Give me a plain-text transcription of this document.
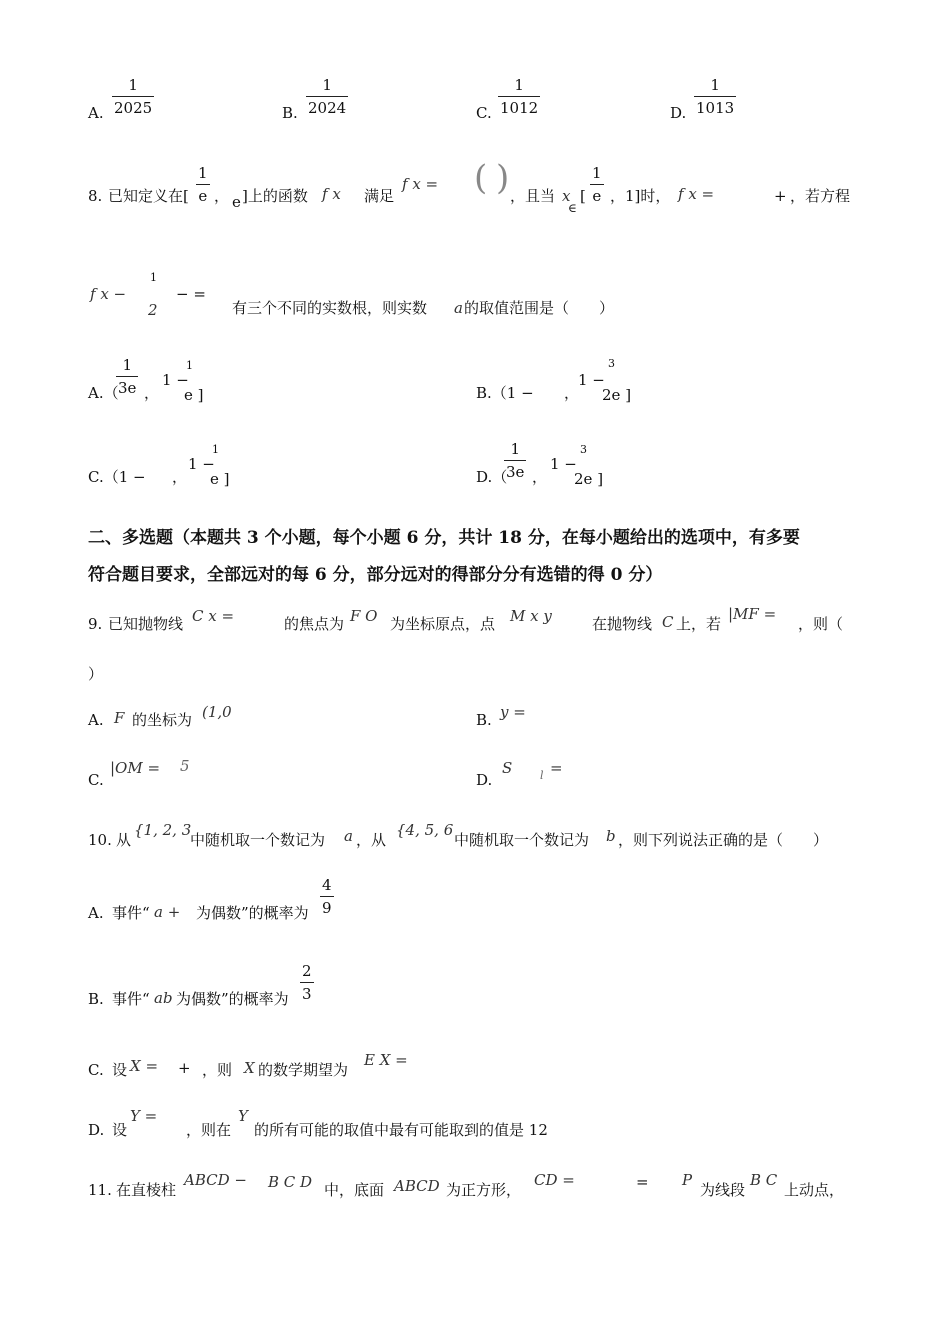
A.
1
2025	B.
1
2024	C.
1
1012	D.
1
1013
8. 已知定义在[
1
e ， e ]上的函数 f x 满足
f x = ( ) ，且当 x
∈
[
1
e ，1]时， f x =	+ ，若方程
f x −
1
2
− =
有三个不同的实数根，则实数 a 的取值范围是（　　）
A.（
1
3e ，
1 −
1
e ]	B.（1 − ，
1 −
3
2e ]
C.（1 − ，
1 −
1
e ]	D.（
1
3e ，
1 −
3
2e ]
二、多选题（本题共 3 个小题，每个小题 6 分，共计 18 分，在每小题给出的选项中，有多要
符合题目要求，全部远对的每 6 分，部分远对的得部分分有选错的得 0 分）
9. 已知抛物线 C x =	的焦点为 F O 为坐标原点，点 M x y	在抛物线 C 上，若
|MF =
，则（
）
A. F 的坐标为 (1,0	B. y =
C.
|OM = 5
D.
S	l =
10. 从
{1, 2, 3
中随机取一个数记为 a ，从
{4, 5, 6
中随机取一个数记为 b ，则下列说法正确的是（　　）
A. 事件“ a + 为偶数”的概率为
4
9
B. 事件“ ab 为偶数”的概率为
2
3
C. 设 X = + ，则 X 的数学期望为
E X =
D. 设
Y =
，则在
Y
的所有可能的取值中最有可能取到的值是 12
11. 在直棱柱
ABCD − B C D 中，底面 ABCD 为正方形，
CD =	= P
为线段
B C
上动点，
